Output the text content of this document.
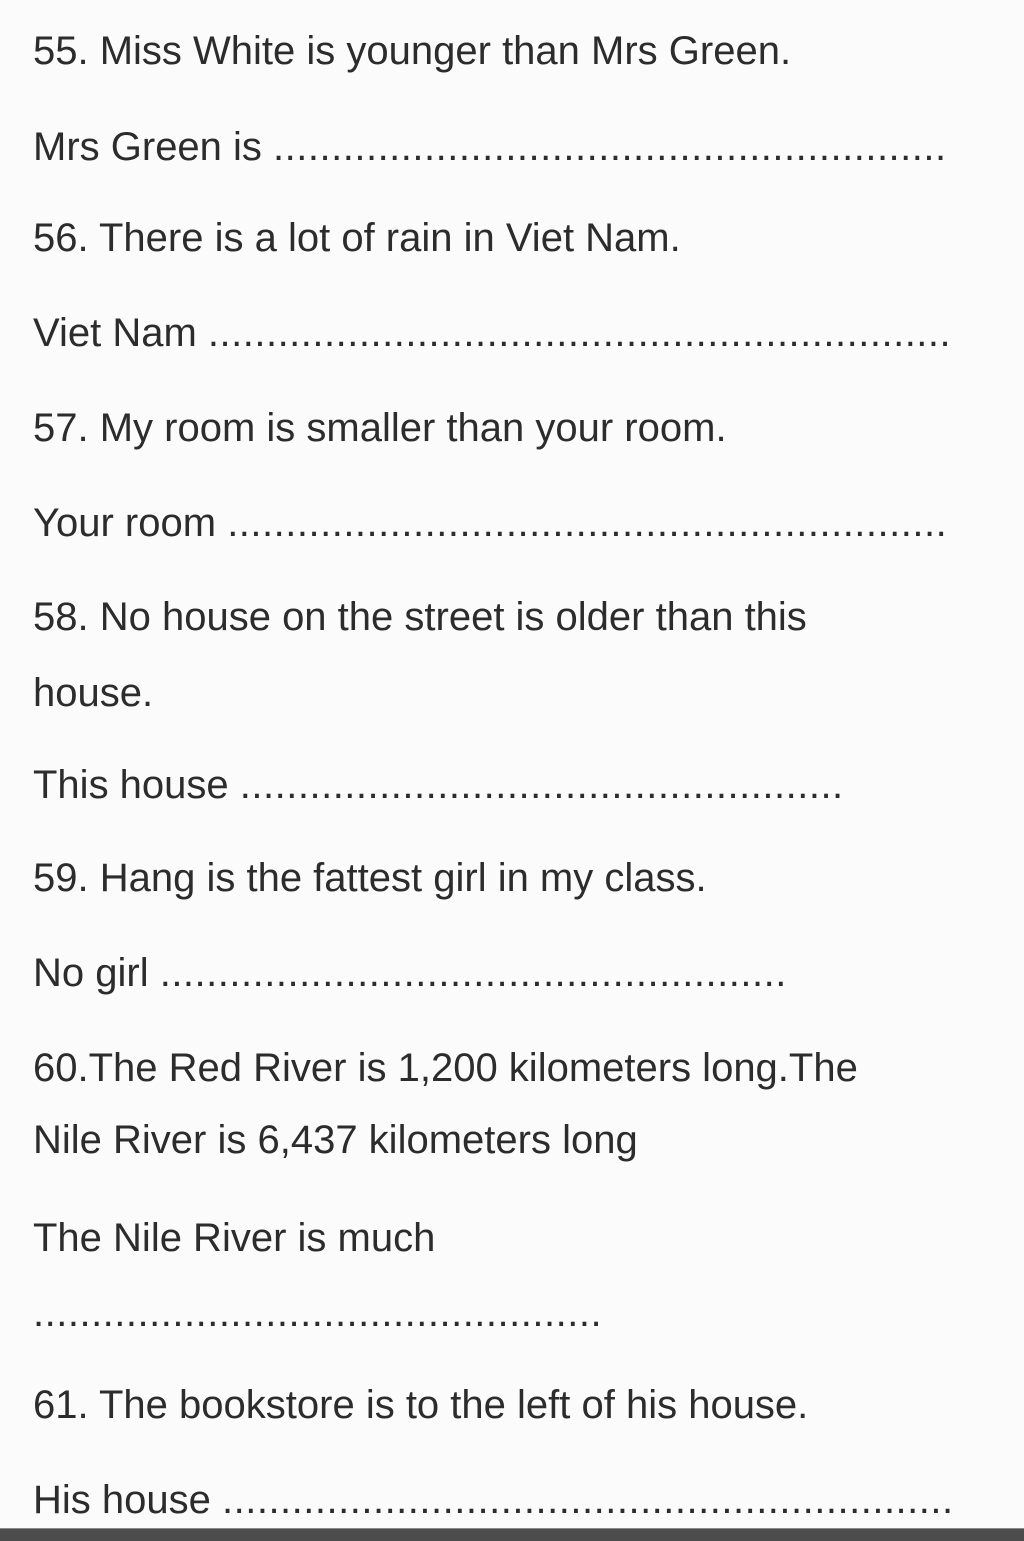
55. Miss White is younger than Mrs Green.
Mrs Green is ..........................................................
56. There is a lot of rain in Viet Nam.
Viet Nam ................................................................
57. My room is smaller than your room.
Your room ..............................................................
58. No house on the street is older than this
house.
This house ....................................................
59. Hang is the fattest girl in my class.
No girl ......................................................
60.The Red River is 1,200 kilometers long.The
Nile River is 6,437 kilometers long
The Nile River is much
.................................................
61. The bookstore is to the left of his house.
His house ...............................................................
